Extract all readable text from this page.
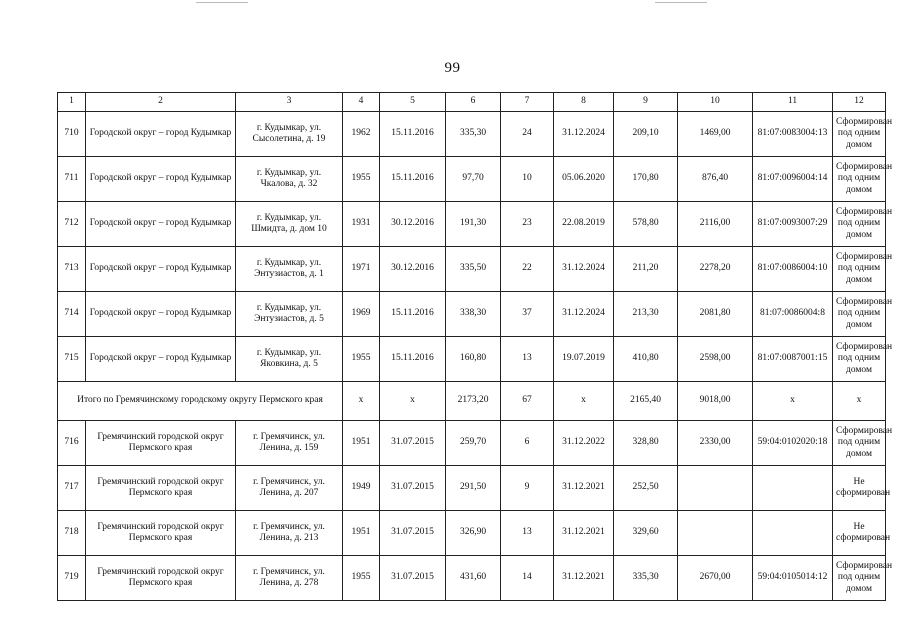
99
1	2	3	4	5	6	7	8	9	10	11	12
710	Городской округ – город Кудымкар	г. Кудымкар, ул. Сысолетина, д. 19	1962	15.11.2016	335,30	24	31.12.2024	209,10	1469,00	81:07:0083004:13	Сформирован под одним домом
711	Городской округ – город Кудымкар	г. Кудымкар, ул. Чкалова, д. 32	1955	15.11.2016	97,70	10	05.06.2020	170,80	876,40	81:07:0096004:14	Сформирован под одним домом
712	Городской округ – город Кудымкар	г. Кудымкар, ул. Шмидта, д. дом 10	1931	30.12.2016	191,30	23	22.08.2019	578,80	2116,00	81:07:0093007:29	Сформирован под одним домом
713	Городской округ – город Кудымкар	г. Кудымкар, ул. Энтузиастов, д. 1	1971	30.12.2016	335,50	22	31.12.2024	211,20	2278,20	81:07:0086004:10	Сформирован под одним домом
714	Городской округ – город Кудымкар	г. Кудымкар, ул. Энтузиастов, д. 5	1969	15.11.2016	338,30	37	31.12.2024	213,30	2081,80	81:07:0086004:8	Сформирован под одним домом
715	Городской округ – город Кудымкар	г. Кудымкар, ул. Яковкина, д. 5	1955	15.11.2016	160,80	13	19.07.2019	410,80	2598,00	81:07:0087001:15	Сформирован под одним домом
Итого по Гремячинскому городскому округу Пермского края			x	x	2173,20	67	x	2165,40	9018,00	x	x
716	Гремячинский городской округ Пермского края	г. Гремячинск, ул. Ленина, д. 159	1951	31.07.2015	259,70	6	31.12.2022	328,80	2330,00	59:04:0102020:18	Сформирован под одним домом
717	Гремячинский городской округ Пермского края	г. Гремячинск, ул. Ленина, д. 207	1949	31.07.2015	291,50	9	31.12.2021	252,50			Не сформирован
718	Гремячинский городской округ Пермского края	г. Гремячинск, ул. Ленина, д. 213	1951	31.07.2015	326,90	13	31.12.2021	329,60			Не сформирован
719	Гремячинский городской округ Пермского края	г. Гремячинск, ул. Ленина, д. 278	1955	31.07.2015	431,60	14	31.12.2021	335,30	2670,00	59:04:0105014:12	Сформирован под одним домом
